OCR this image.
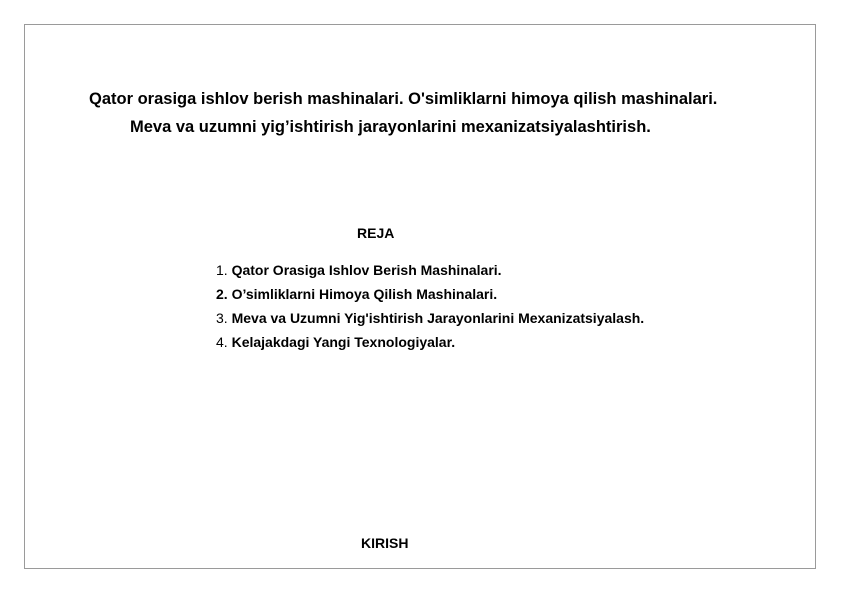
Qator orasiga ishlov berish mashinalari. O'simliklarni himoya qilish mashinalari.
Meva va uzumni yig’ishtirish jarayonlarini mexanizatsiyalashtirish.
REJA
1. Qator Orasiga Ishlov Berish Mashinalari.
2. O’simliklarni Himoya Qilish Mashinalari.
3. Meva va Uzumni Yig'ishtirish Jarayonlarini Mexanizatsiyalash.
4. Kelajakdagi Yangi Texnologiyalar.
KIRISH
